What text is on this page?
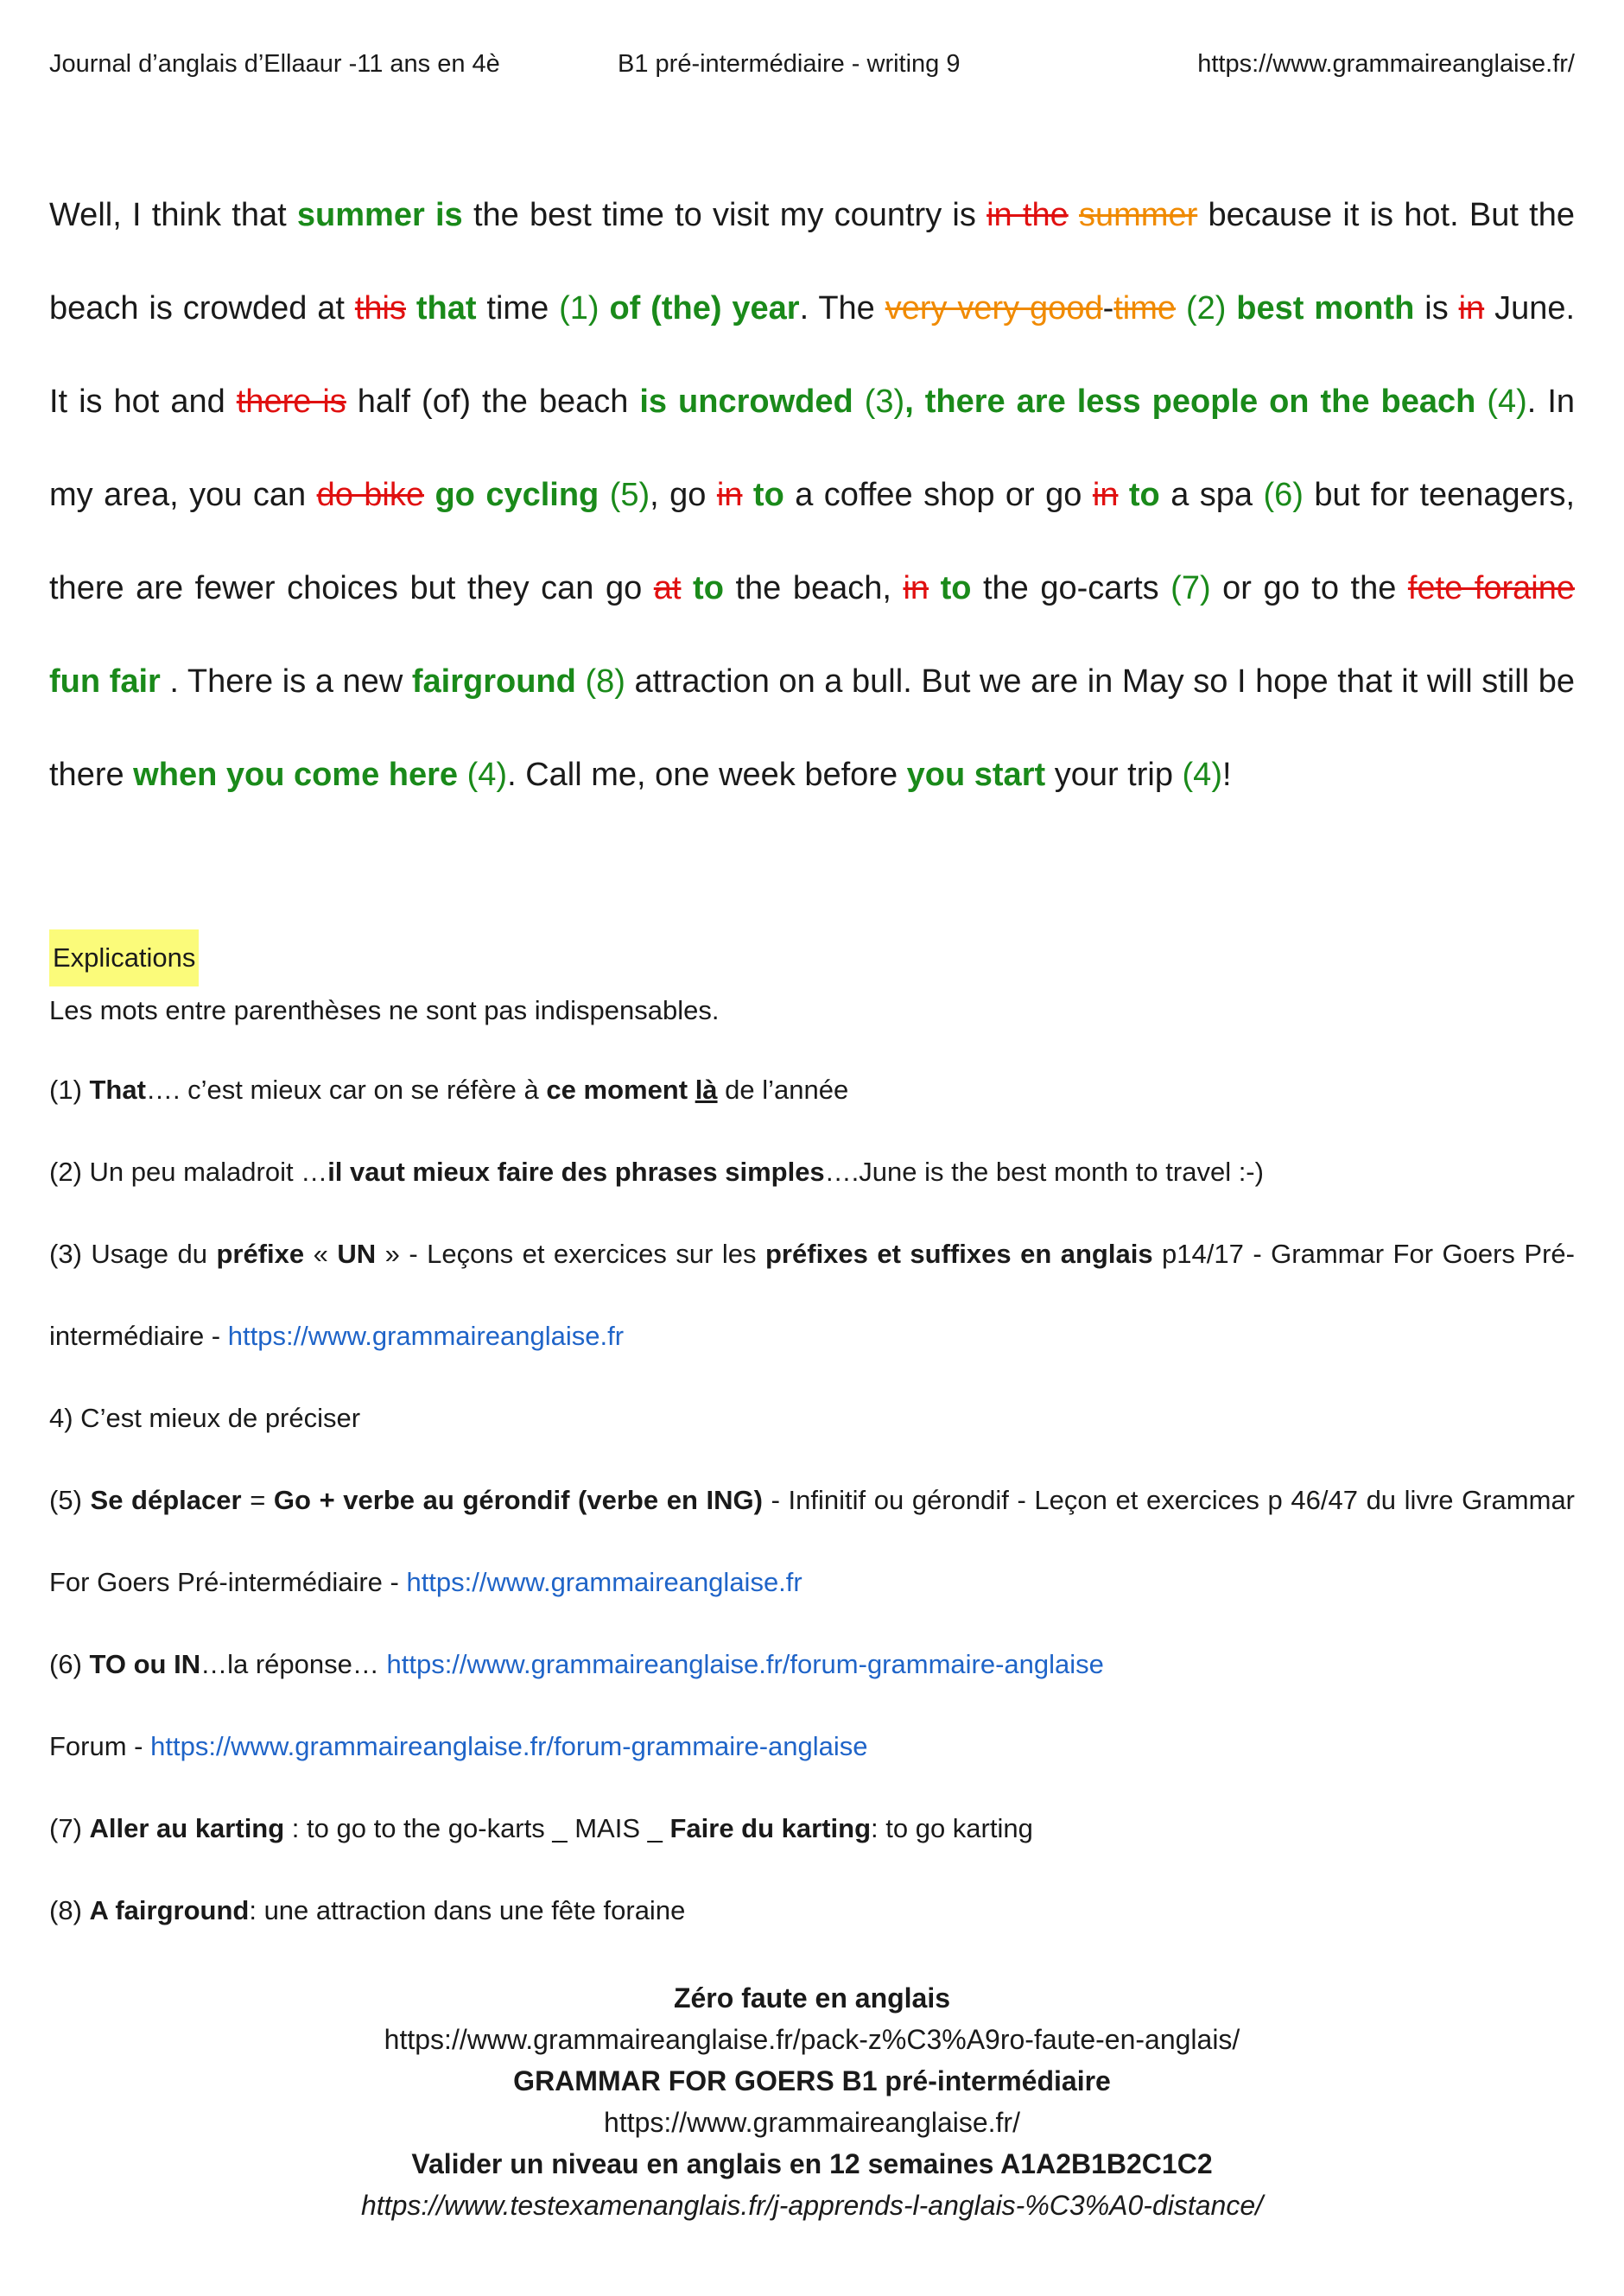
Journal d’anglais d’Ellaaur -11 ans en 4è	B1 pré-intermédiaire - writing 9	https://www.grammaireanglaise.fr/
Well, I think that summer is the best time to visit my country is in the summer because it is hot. But the beach is crowded at this that time (1) of (the) year. The very very good-time (2) best month is in June. It is hot and there is half (of) the beach is uncrowded (3), there are less people on the beach (4). In my area, you can do bike go cycling (5), go in to a coffee shop or go in to a spa (6) but for teenagers, there are fewer choices but they can go at to the beach, in to the go-carts (7) or go to the fete foraine fun fair . There is a new fairground (8) attraction on a bull. But we are in May so I hope that it will still be there when you come here (4). Call me, one week before you start your trip (4)!
Explications
Les mots entre parenthèses ne sont pas indispensables.
(1) That…. c’est mieux car on se réfère à ce moment là de l’année
(2) Un peu maladroit …il vaut mieux faire des phrases simples….June is the best month to travel :-)
(3) Usage du préfixe « UN » - Leçons et exercices sur les préfixes et suffixes en anglais p14/17 - Grammar For Goers Pré-intermédiaire - https://www.grammaireanglaise.fr
4) C’est mieux de préciser
(5) Se déplacer = Go + verbe au gérondif (verbe en ING) - Infinitif ou gérondif - Leçon et exercices p 46/47 du livre Grammar For Goers Pré-intermédiaire - https://www.grammaireanglaise.fr
(6) TO ou IN…la réponse… https://www.grammaireanglaise.fr/forum-grammaire-anglaise
Forum - https://www.grammaireanglaise.fr/forum-grammaire-anglaise
(7) Aller au karting : to go to the go-karts _ MAIS _ Faire du karting: to go karting
(8) A fairground: une attraction dans une fête foraine
Zéro faute en anglais
https://www.grammaireanglaise.fr/pack-z%C3%A9ro-faute-en-anglais/
GRAMMAR FOR GOERS B1 pré-intermédiaire
https://www.grammaireanglaise.fr/
Valider un niveau en anglais en 12 semaines A1A2B1B2C1C2
https://www.testexamenanglais.fr/j-apprends-l-anglais-%C3%A0-distance/
